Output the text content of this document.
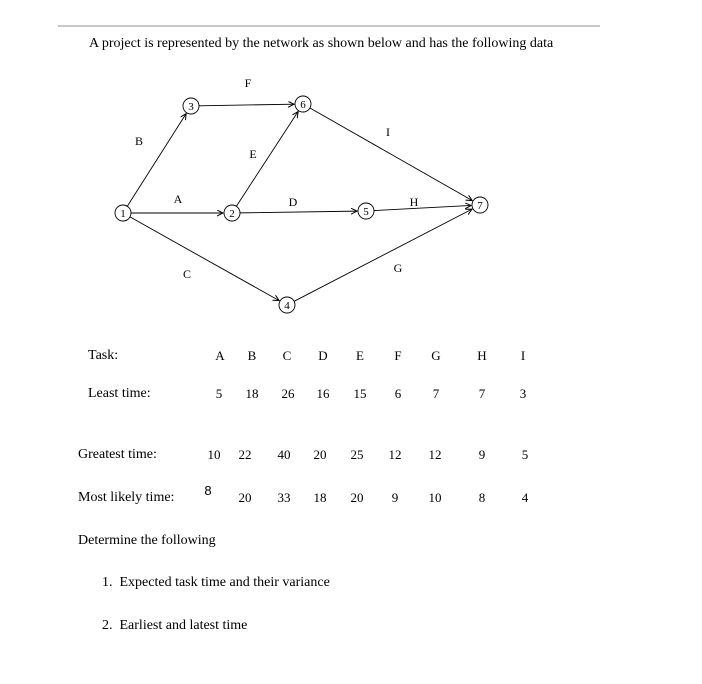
A project is represented by the network as shown below and has the following data
A
B
C
D
E
F
G
H
I
1	2
3
4
5
6
7
Task:	A B C D E F G	H	I
Least time:	5 18 26 16 15 6 7	7	3
Greatest time:	10 22 40 20 25 12 12	9	5
Most likely time: 8 20 33 18 20 9 10	8	4
Determine the following
1. Expected task time and their variance
2. Earliest and latest time
